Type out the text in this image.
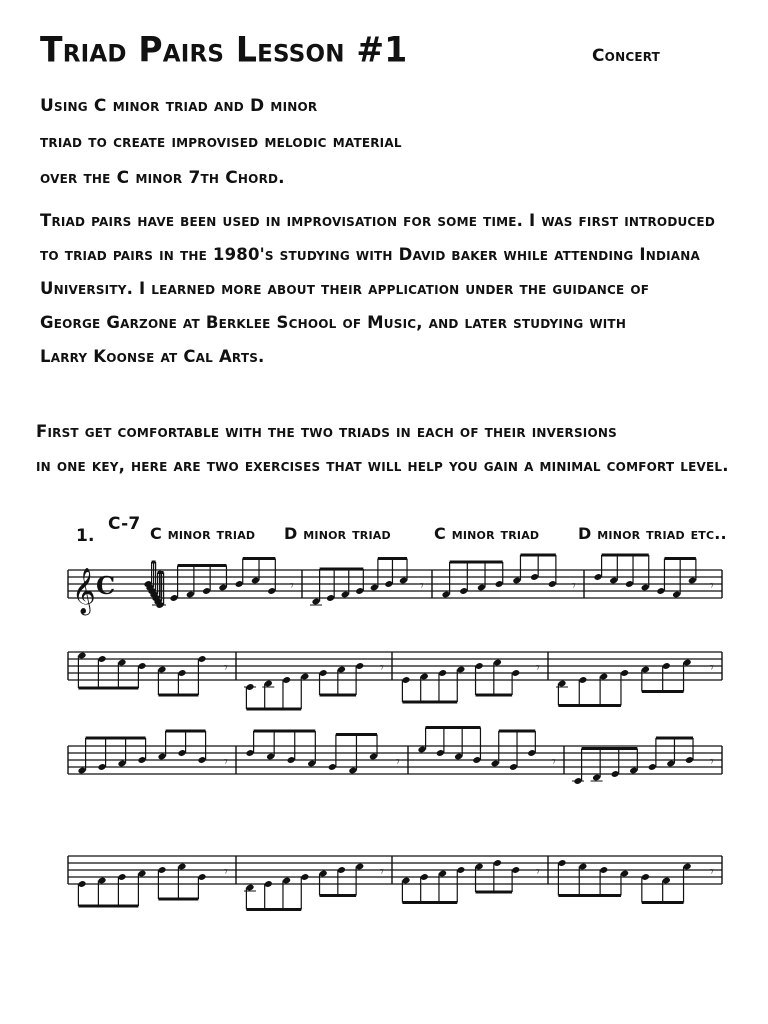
Triad Pairs Lesson #1	Concert
Using C minor triad and D minor
triad to create improvised melodic material
over the C minor 7th Chord.
Triad pairs have been used in improvisation for some time. I was first introduced
to triad pairs in the 1980's studying with David baker while attending Indiana
University. I learned more about their application under the guidance of
George Garzone at Berklee School of Music, and later studying with
Larry Koonse at Cal Arts.
First get comfortable with the two triads in each of their inversions
in one key, here are two exercises that will help you gain a minimal comfort level.
1.
C-7 C minor triad D minor triad	C minor triad D minor triad etc..
𝄞 C 𝄾	𝄾	𝄾	𝄾	𝄾
𝄾	𝄾	𝄾	𝄾
𝄾	𝄾	𝄾	𝄾
𝄾	𝄾	𝄾	𝄾
